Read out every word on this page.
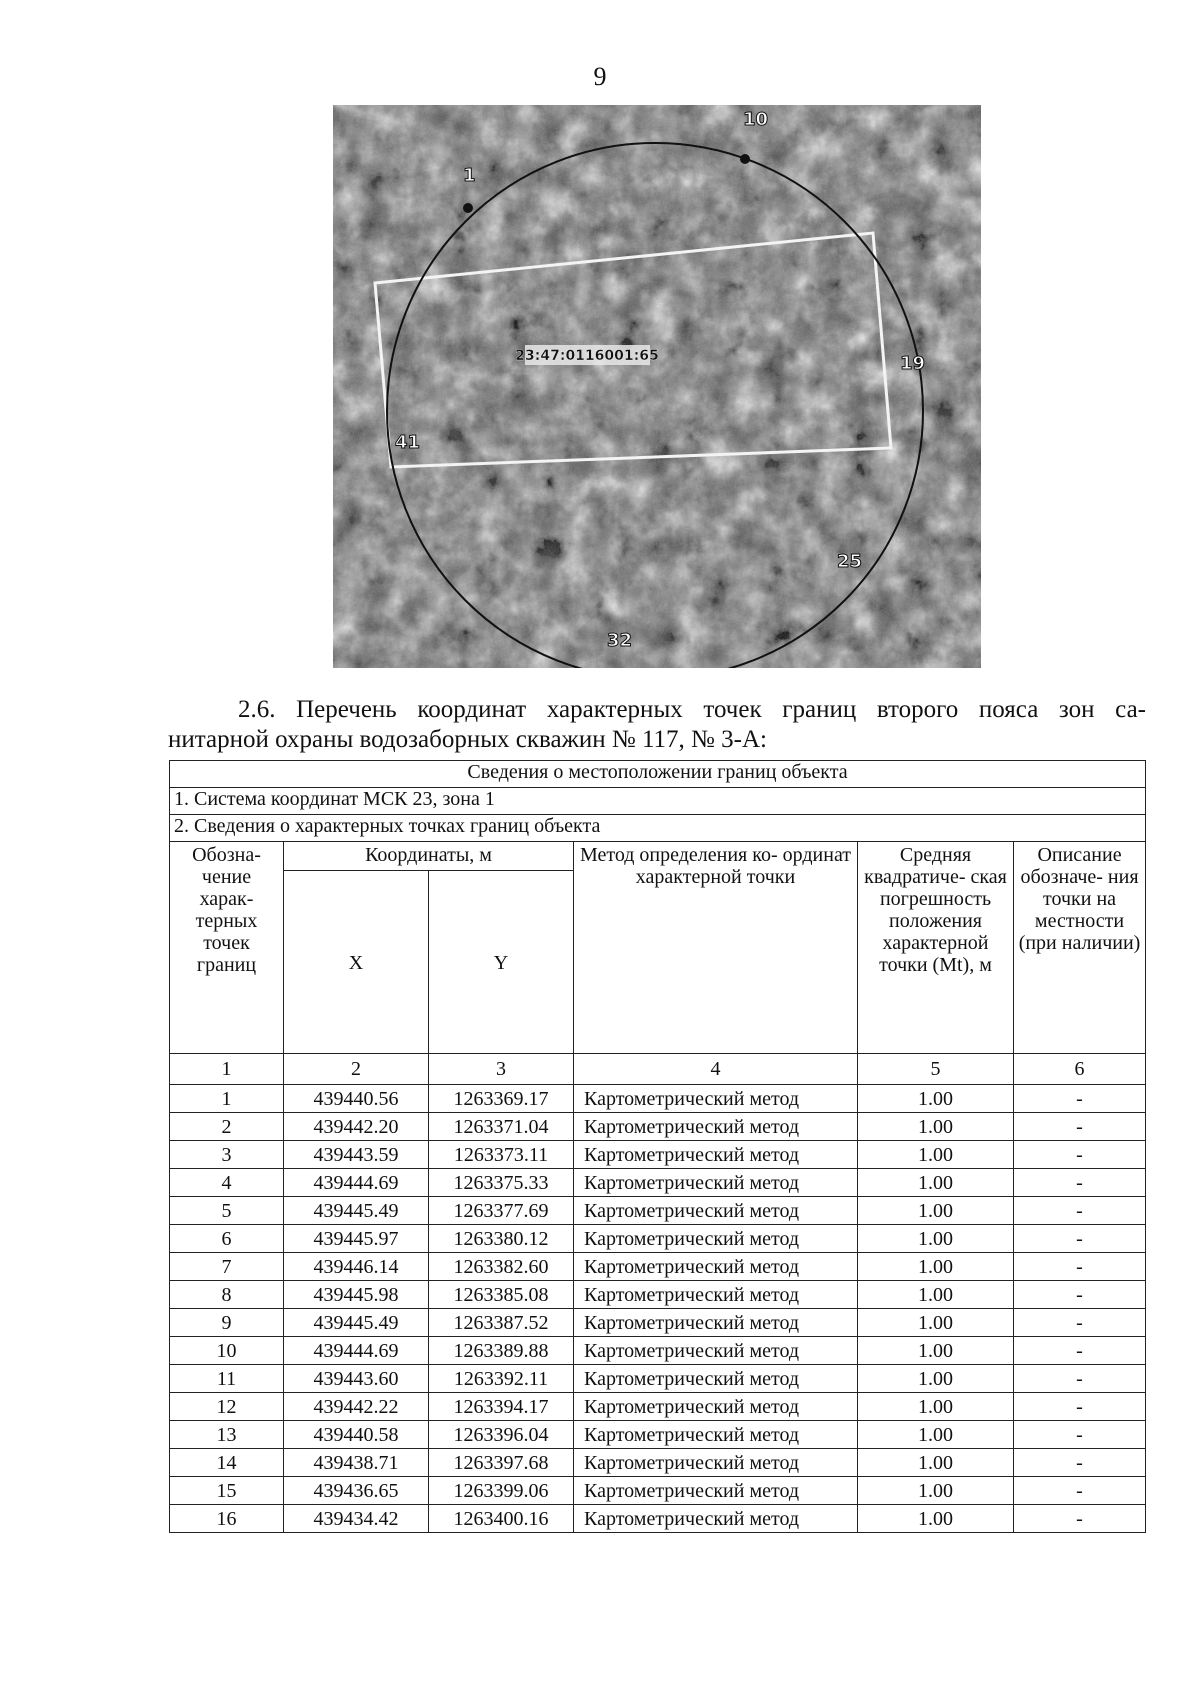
9
23:47:0116001:65
1
10
19
25
32
41
2.6. Перечень координат характерных точек границ второго пояса зон са-
нитарной охраны водозаборных скважин № 117, № 3-А:
Сведения о местоположении границ объекта					
1. Система координат МСК 23, зона 1					
2. Сведения о характерных точках границ объекта					
Обозна- чение харак- терных точек границ	Координаты, м		Метод определения ко- ординат характерной точки	Средняя квадратиче- ская погрешность положения характерной точки (Mt), м	Описание обозначе- ния точки на местности (при наличии)
	X	Y			
1	2	3	4	5	6
1	439440.56	1263369.17	Картометрический метод	1.00	-
2	439442.20	1263371.04	Картометрический метод	1.00	-
3	439443.59	1263373.11	Картометрический метод	1.00	-
4	439444.69	1263375.33	Картометрический метод	1.00	-
5	439445.49	1263377.69	Картометрический метод	1.00	-
6	439445.97	1263380.12	Картометрический метод	1.00	-
7	439446.14	1263382.60	Картометрический метод	1.00	-
8	439445.98	1263385.08	Картометрический метод	1.00	-
9	439445.49	1263387.52	Картометрический метод	1.00	-
10	439444.69	1263389.88	Картометрический метод	1.00	-
11	439443.60	1263392.11	Картометрический метод	1.00	-
12	439442.22	1263394.17	Картометрический метод	1.00	-
13	439440.58	1263396.04	Картометрический метод	1.00	-
14	439438.71	1263397.68	Картометрический метод	1.00	-
15	439436.65	1263399.06	Картометрический метод	1.00	-
16	439434.42	1263400.16	Картометрический метод	1.00	-
